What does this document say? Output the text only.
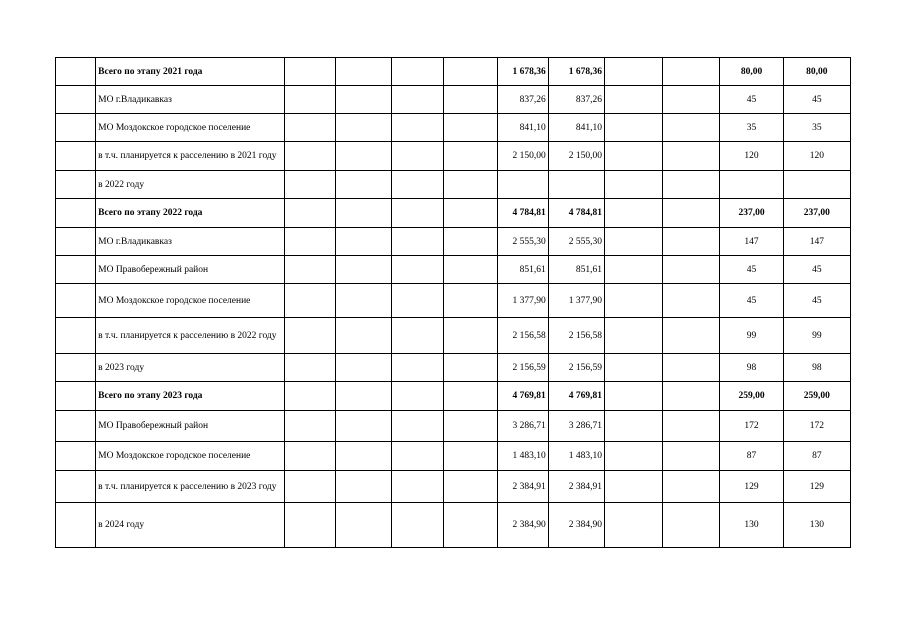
	Всего по этапу 2021 года					1 678,36	1 678,36			80,00	80,00
	МО г.Владикавказ					837,26	837,26			45	45
	МО Моздокское городское поселение					841,10	841,10			35	35
	в т.ч. планируется к расселению в 2021 году					2 150,00	2 150,00			120	120
	в 2022 году										
	Всего по этапу 2022 года					4 784,81	4 784,81			237,00	237,00
	МО г.Владикавказ					2 555,30	2 555,30			147	147
	МО Правобережный район					851,61	851,61			45	45
	МО Моздокское городское поселение					1 377,90	1 377,90			45	45
	в т.ч. планируется к расселению в 2022 году					2 156,58	2 156,58			99	99
	в 2023 году					2 156,59	2 156,59			98	98
	Всего по этапу 2023 года					4 769,81	4 769,81			259,00	259,00
	МО Правобережный район					3 286,71	3 286,71			172	172
	МО Моздокское городское поселение					1 483,10	1 483,10			87	87
	в т.ч. планируется к расселению в 2023 году					2 384,91	2 384,91			129	129
	в 2024 году					2 384,90	2 384,90			130	130
